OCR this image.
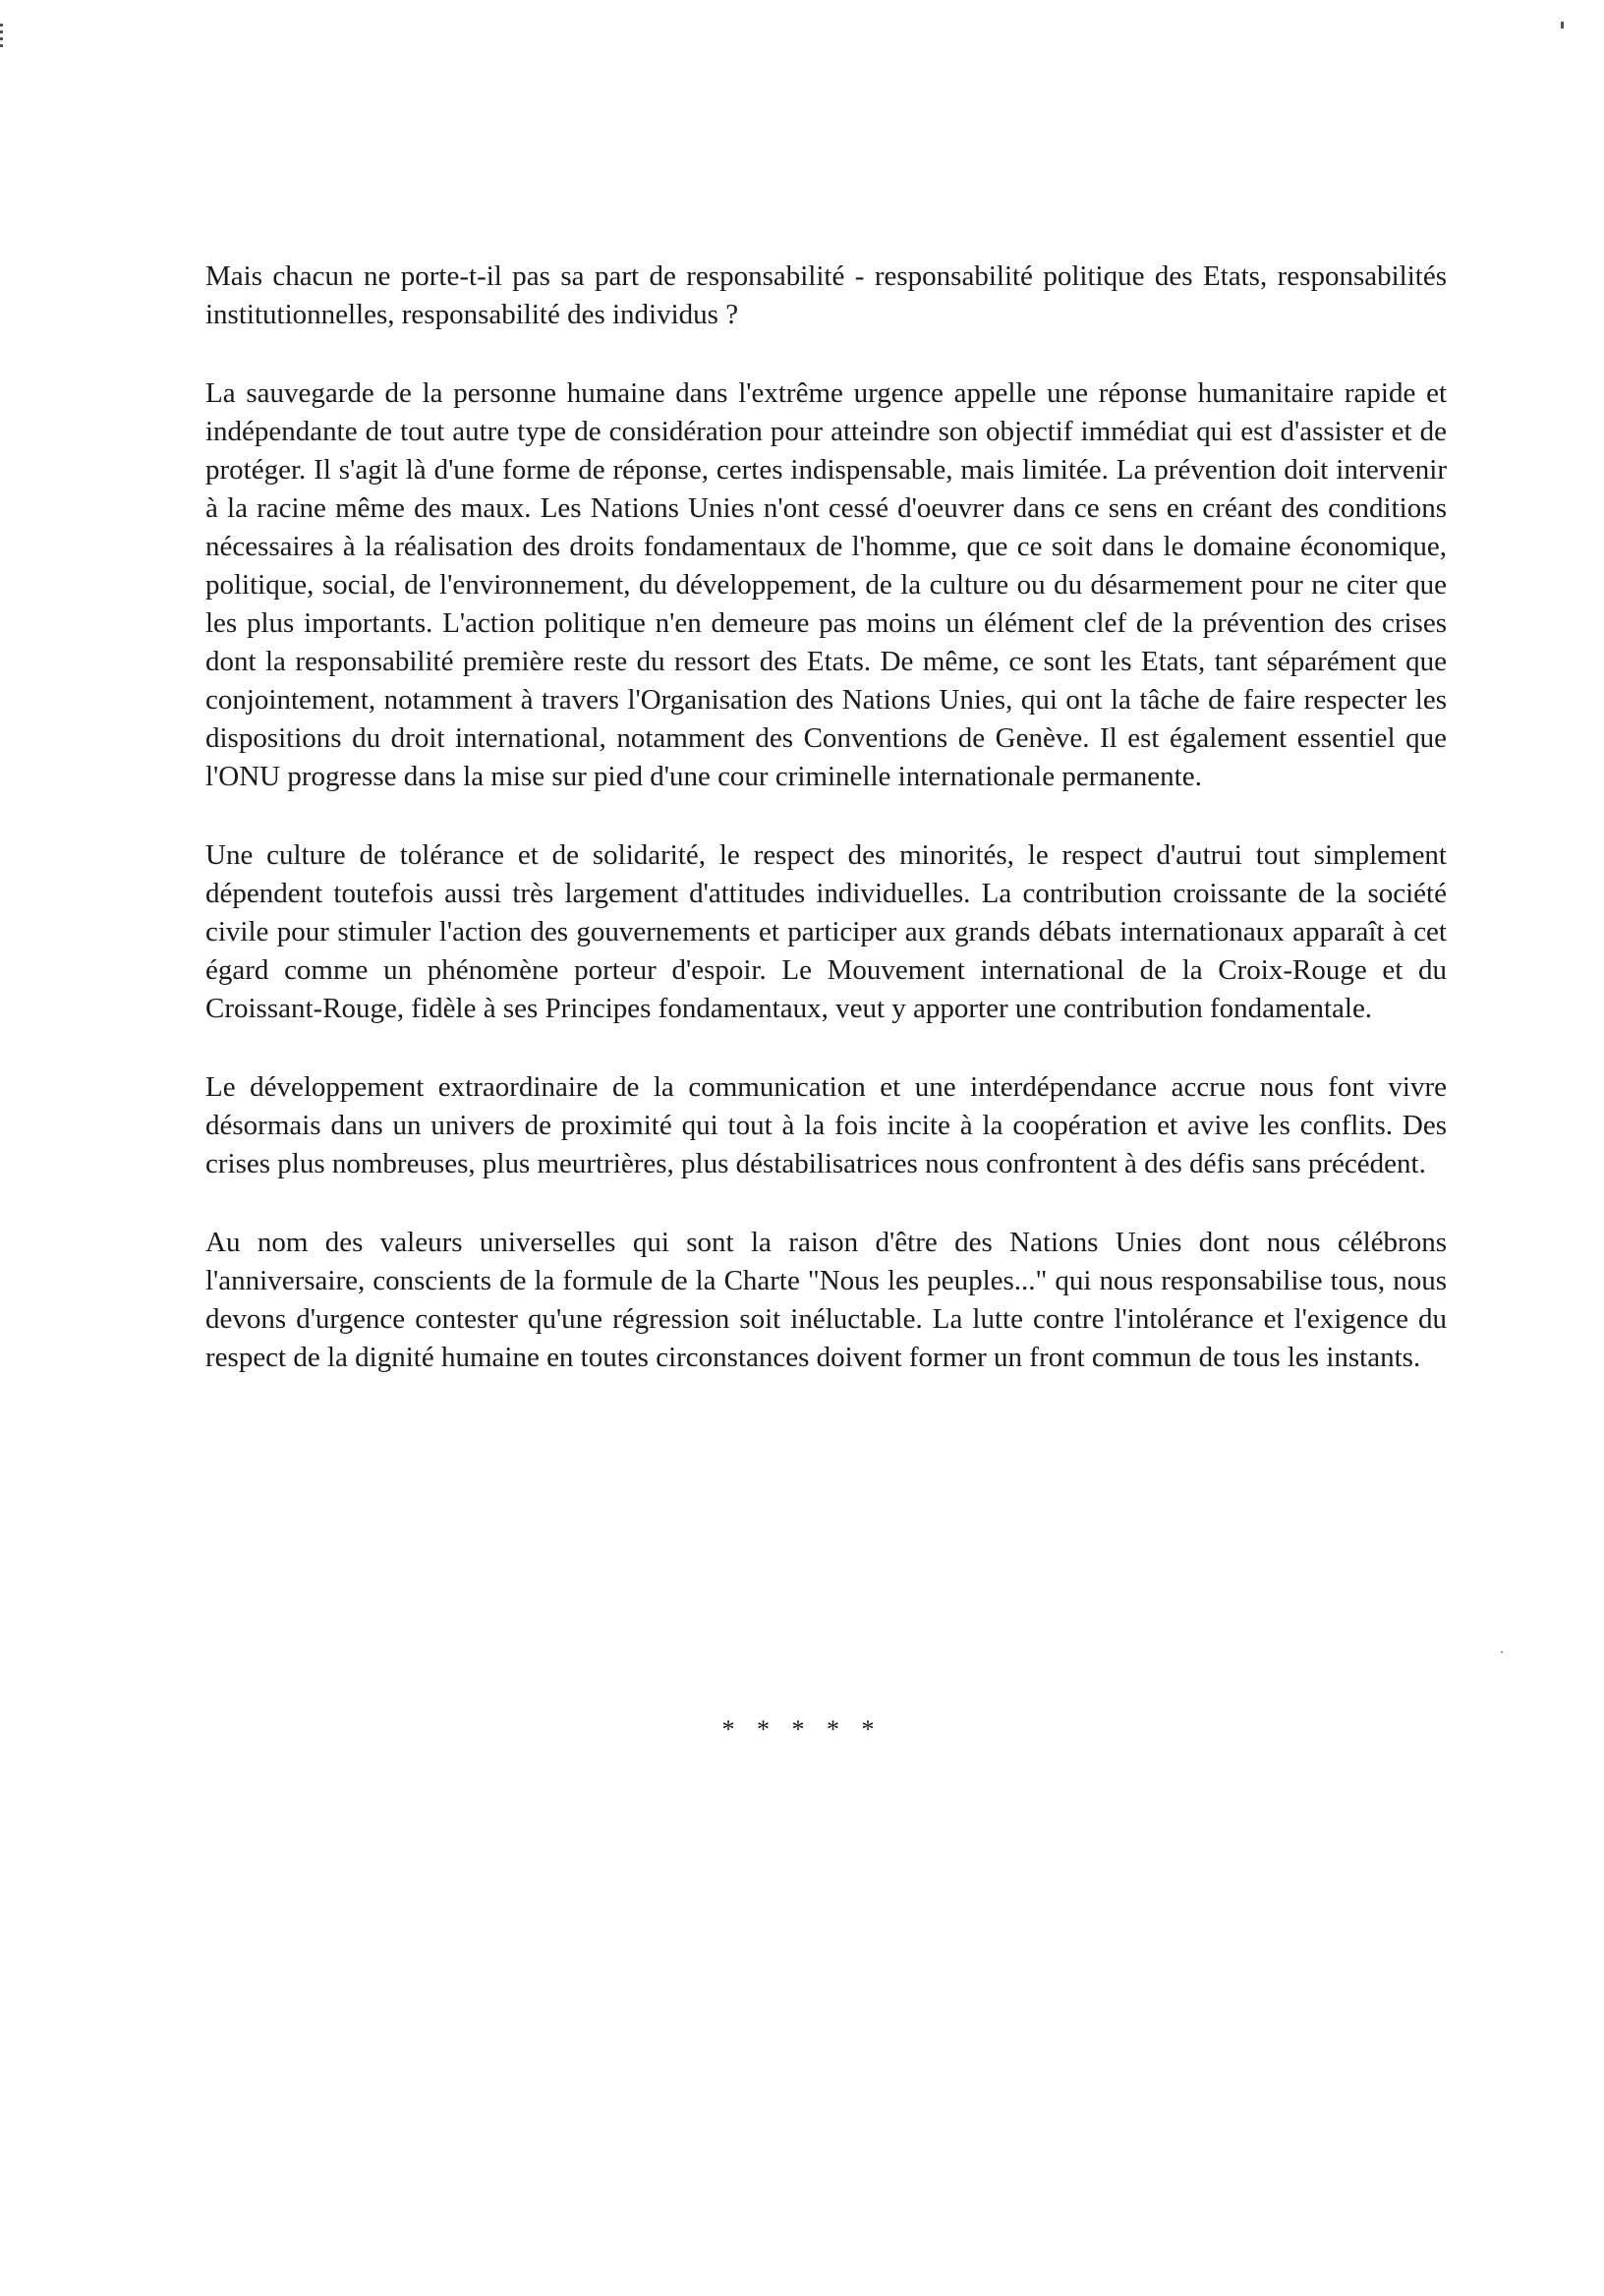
Mais chacun ne porte-t-il pas sa part de responsabilité - responsabilité politique des Etats, responsabilités institutionnelles, responsabilité des individus ?

La sauvegarde de la personne humaine dans l'extrême urgence appelle une réponse humanitaire rapide et indépendante de tout autre type de considération pour atteindre son objectif immédiat qui est d'assister et de protéger. Il s'agit là d'une forme de réponse, certes indispensable, mais limitée. La prévention doit intervenir à la racine même des maux. Les Nations Unies n'ont cessé d'oeuvrer dans ce sens en créant des conditions nécessaires à la réalisation des droits fondamentaux de l'homme, que ce soit dans le domaine économique, politique, social, de l'environnement, du développement, de la culture ou du désarmement pour ne citer que les plus importants. L'action politique n'en demeure pas moins un élément clef de la prévention des crises dont la responsabilité première reste du ressort des Etats. De même, ce sont les Etats, tant séparément que conjointement, notamment à travers l'Organisation des Nations Unies, qui ont la tâche de faire respecter les dispositions du droit international, notamment des Conventions de Genève. Il est également essentiel que l'ONU progresse dans la mise sur pied d'une cour criminelle internationale permanente.

Une culture de tolérance et de solidarité, le respect des minorités, le respect d'autrui tout simplement dépendent toutefois aussi très largement d'attitudes individuelles. La contribution croissante de la société civile pour stimuler l'action des gouvernements et participer aux grands débats internationaux apparaît à cet égard comme un phénomène porteur d'espoir. Le Mouvement international de la Croix-Rouge et du Croissant-Rouge, fidèle à ses Principes fondamentaux, veut y apporter une contribution fondamentale.

Le développement extraordinaire de la communication et une interdépendance accrue nous font vivre désormais dans un univers de proximité qui tout à la fois incite à la coopération et avive les conflits. Des crises plus nombreuses, plus meurtrières, plus déstabilisatrices nous confrontent à des défis sans précédent.

Au nom des valeurs universelles qui sont la raison d'être des Nations Unies dont nous célébrons l'anniversaire, conscients de la formule de la Charte "Nous les peuples..." qui nous responsabilise tous, nous devons d'urgence contester qu'une régression soit inéluctable. La lutte contre l'intolérance et l'exigence du respect de la dignité humaine en toutes circonstances doivent former un front commun de tous les instants.

* * * * *
